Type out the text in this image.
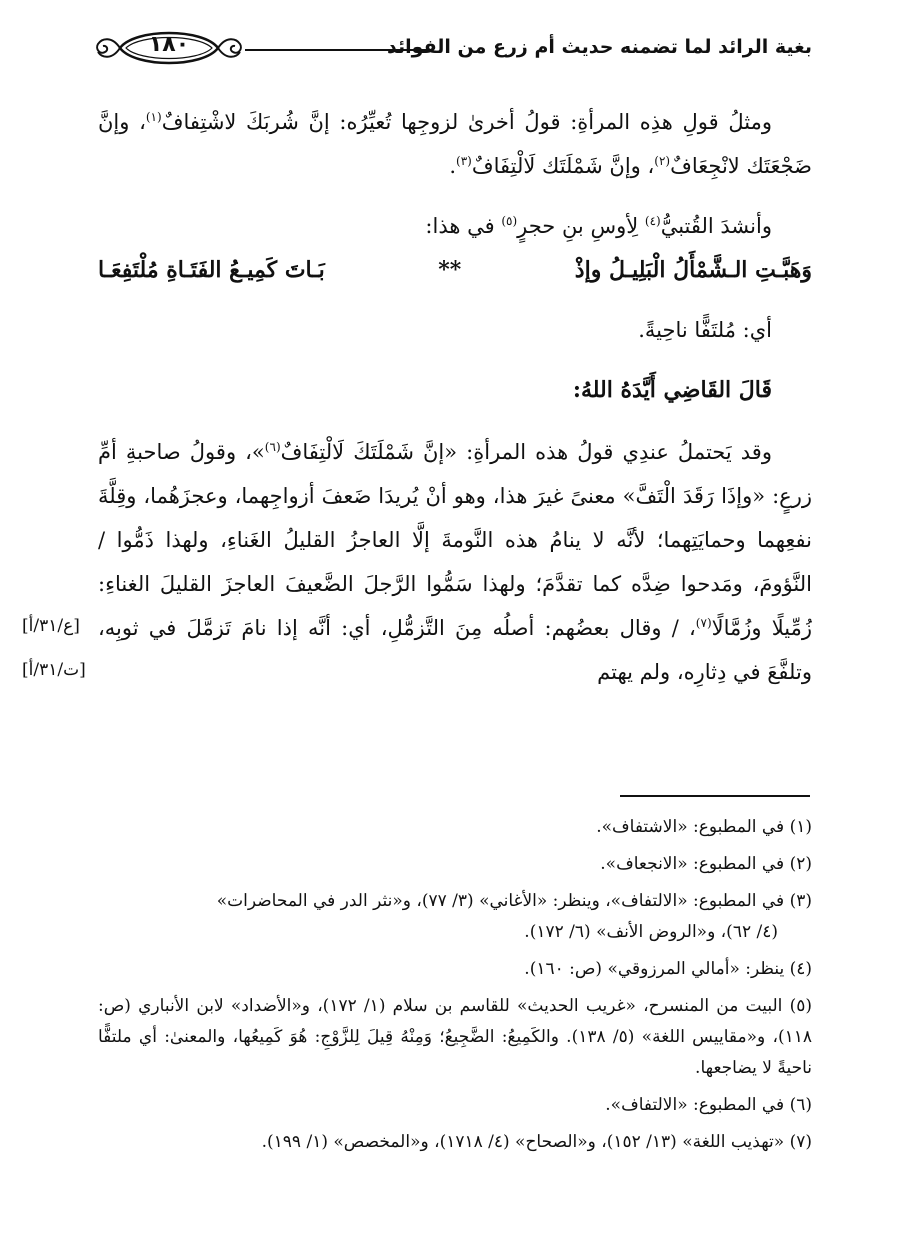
بغية الرائد لما تضمنه حديث أم زرع من الفوائد
١٨٠

ومثلُ قولِ هذِه المرأةِ: قولُ أخرىٰ لزوجِها تُعيِّرُه: إنَّ شُربَكَ لاشْتِفافٌ$^{(١)}$، وإنَّ ضَجْعَتَك لانْجِعَافٌ$^{(٢)}$، وإنَّ شَمْلَتَك لَالْتِفَافٌ$^{(٣)}$.

وأنشدَ القُتبيُّ$^{(٤)}$ لِأوسِ بنِ حجرٍ$^{(٥)}$ في هذا:

وَهَبَّـتِ الـشَّمْأَلُ الْبَلِيـلُ وإذْ
**
بَـاتَ كَمِيـعُ الفَتَـاةِ مُلْتَفِعَـا

أي: مُلتَفًّا ناحِيةً.

قَالَ القَاضِي أَيَّدَهُ اللهُ:

وقد يَحتملُ عندِي قولُ هذه المرأةِ: «إنَّ شَمْلَتَكَ لَالْتِفَافٌ$^{(٦)}$»، وقولُ صاحبةِ أمِّ زرعٍ: «وإذَا رَقَدَ الْتَفَّ» معنىً غيرَ هذا، وهو أنْ يُريدَا ضَعفَ أزواجِهما، وعجزَهُما، وقِلَّةَ نفعِهما وحمايَتِهما؛ لأنَّه لا ينامُ هذه النَّومةَ إلَّا العاجزُ القليلُ الغَناءِ، ولهذا ذَمُّوا / النَّؤومَ، ومَدحوا ضِدَّه كما تقدَّمَ؛ ولهذا سَمُّوا الرَّجلَ الضَّعيفَ العاجزَ القليلَ الغناءِ: زُمِّيلًا وزُمَّالًا$^{(٧)}$، / وقال بعضُهم: أصلُه مِنَ التَّزمُّلِ، أي: أنَّه إذا نامَ تَزمَّلَ في ثوبِه، وتلفَّعَ في دِثارِه، ولم يهتم

[ع/٣١/أ]
[ت/٣١/أ]

(١) في المطبوع: «الاشتفاف».

(٢) في المطبوع: «الانجعاف».

(٣) في المطبوع: «الالتفاف»، وينظر: «الأغاني» (٣/ ٧٧)، و«نثر الدر في المحاضرات»

(٤/ ٦٢)، و«الروض الأنف» (٦/ ١٧٢).

(٤) ينظر: «أمالي المرزوقي» (ص: ١٦٠).

(٥) البيت من المنسرح، «غريب الحديث» للقاسم بن سلام (١/ ١٧٢)، و«الأضداد» لابن الأنباري (ص: ١١٨)، و«مقاييس اللغة» (٥/ ١٣٨). والكَمِيعُ: الضَّجِيعُ؛ وَمِنْهُ قِيلَ لِلزَّوْجِ: هُوَ كَمِيعُها، والمعنىٰ: أي ملتفًّا ناحيةً لا يضاجعها.

(٦) في المطبوع: «الالتفاف».

(٧) «تهذيب اللغة» (١٣/ ١٥٢)، و«الصحاح» (٤/ ١٧١٨)، و«المخصص» (١/ ١٩٩).
